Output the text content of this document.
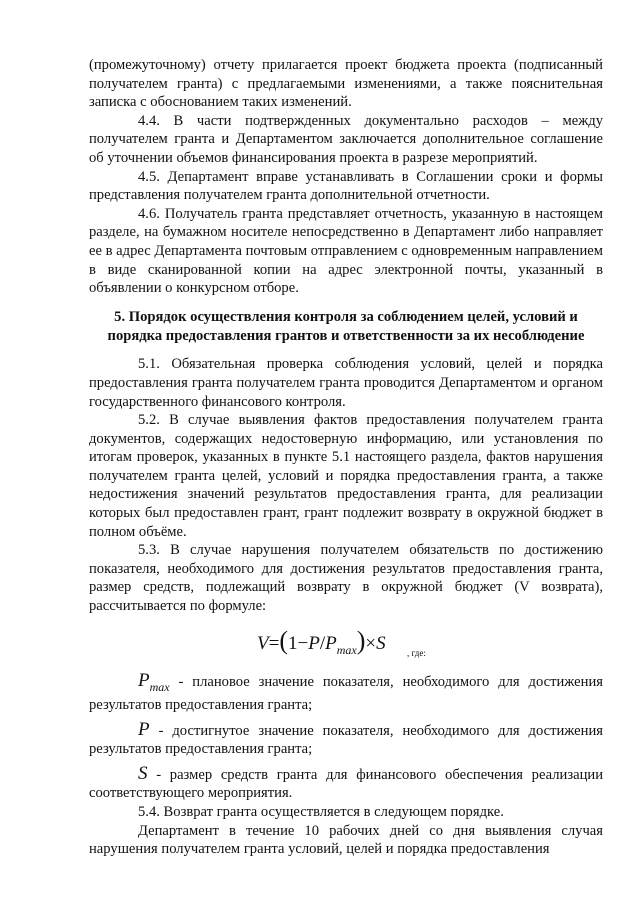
(промежуточному) отчету прилагается проект бюджета проекта (подписанный получателем гранта) с предлагаемыми изменениями, а также пояснительная записка с обоснованием таких изменений.

4.4. В части подтвержденных документально расходов – между получателем гранта и Департаментом заключается дополнительное соглашение об уточнении объемов финансирования проекта в разрезе мероприятий.

4.5. Департамент вправе устанавливать в Соглашении сроки и формы представления получателем гранта дополнительной отчетности.

4.6. Получатель гранта представляет отчетность, указанную в настоящем разделе, на бумажном носителе непосредственно в Департамент либо направляет ее в адрес Департамента почтовым отправлением с одновременным направлением в виде сканированной копии на адрес электронной почты, указанный в объявлении о конкурсном отборе.

5. Порядок осуществления контроля за соблюдением целей, условий и порядка предоставления грантов и ответственности за их несоблюдение

5.1. Обязательная проверка соблюдения условий, целей и порядка предоставления гранта получателем гранта проводится Департаментом и органом государственного финансового контроля.

5.2. В случае выявления фактов предоставления получателем гранта документов, содержащих недостоверную информацию, или установления по итогам проверок, указанных в пункте 5.1 настоящего раздела, фактов нарушения получателем гранта целей, условий и порядка предоставления гранта, а также недостижения значений результатов предоставления гранта, для реализации которых был предоставлен грант, грант подлежит возврату в окружной бюджет в полном объёме.

5.3. В случае нарушения получателем обязательств по достижению показателя, необходимого для достижения результатов предоставления гранта, размер средств, подлежащий возврату в окружной бюджет (V возврата), рассчитывается по формуле:

$V=(1-P/P_{max})\times S$ , где:

$P_{max}$ - плановое значение показателя, необходимого для достижения результатов предоставления гранта;

P - достигнутое значение показателя, необходимого для достижения результатов предоставления гранта;

S - размер средств гранта для финансового обеспечения реализации соответствующего мероприятия.

5.4. Возврат гранта осуществляется в следующем порядке.

Департамент в течение 10 рабочих дней со дня выявления случая нарушения получателем гранта условий, целей и порядка предоставления
